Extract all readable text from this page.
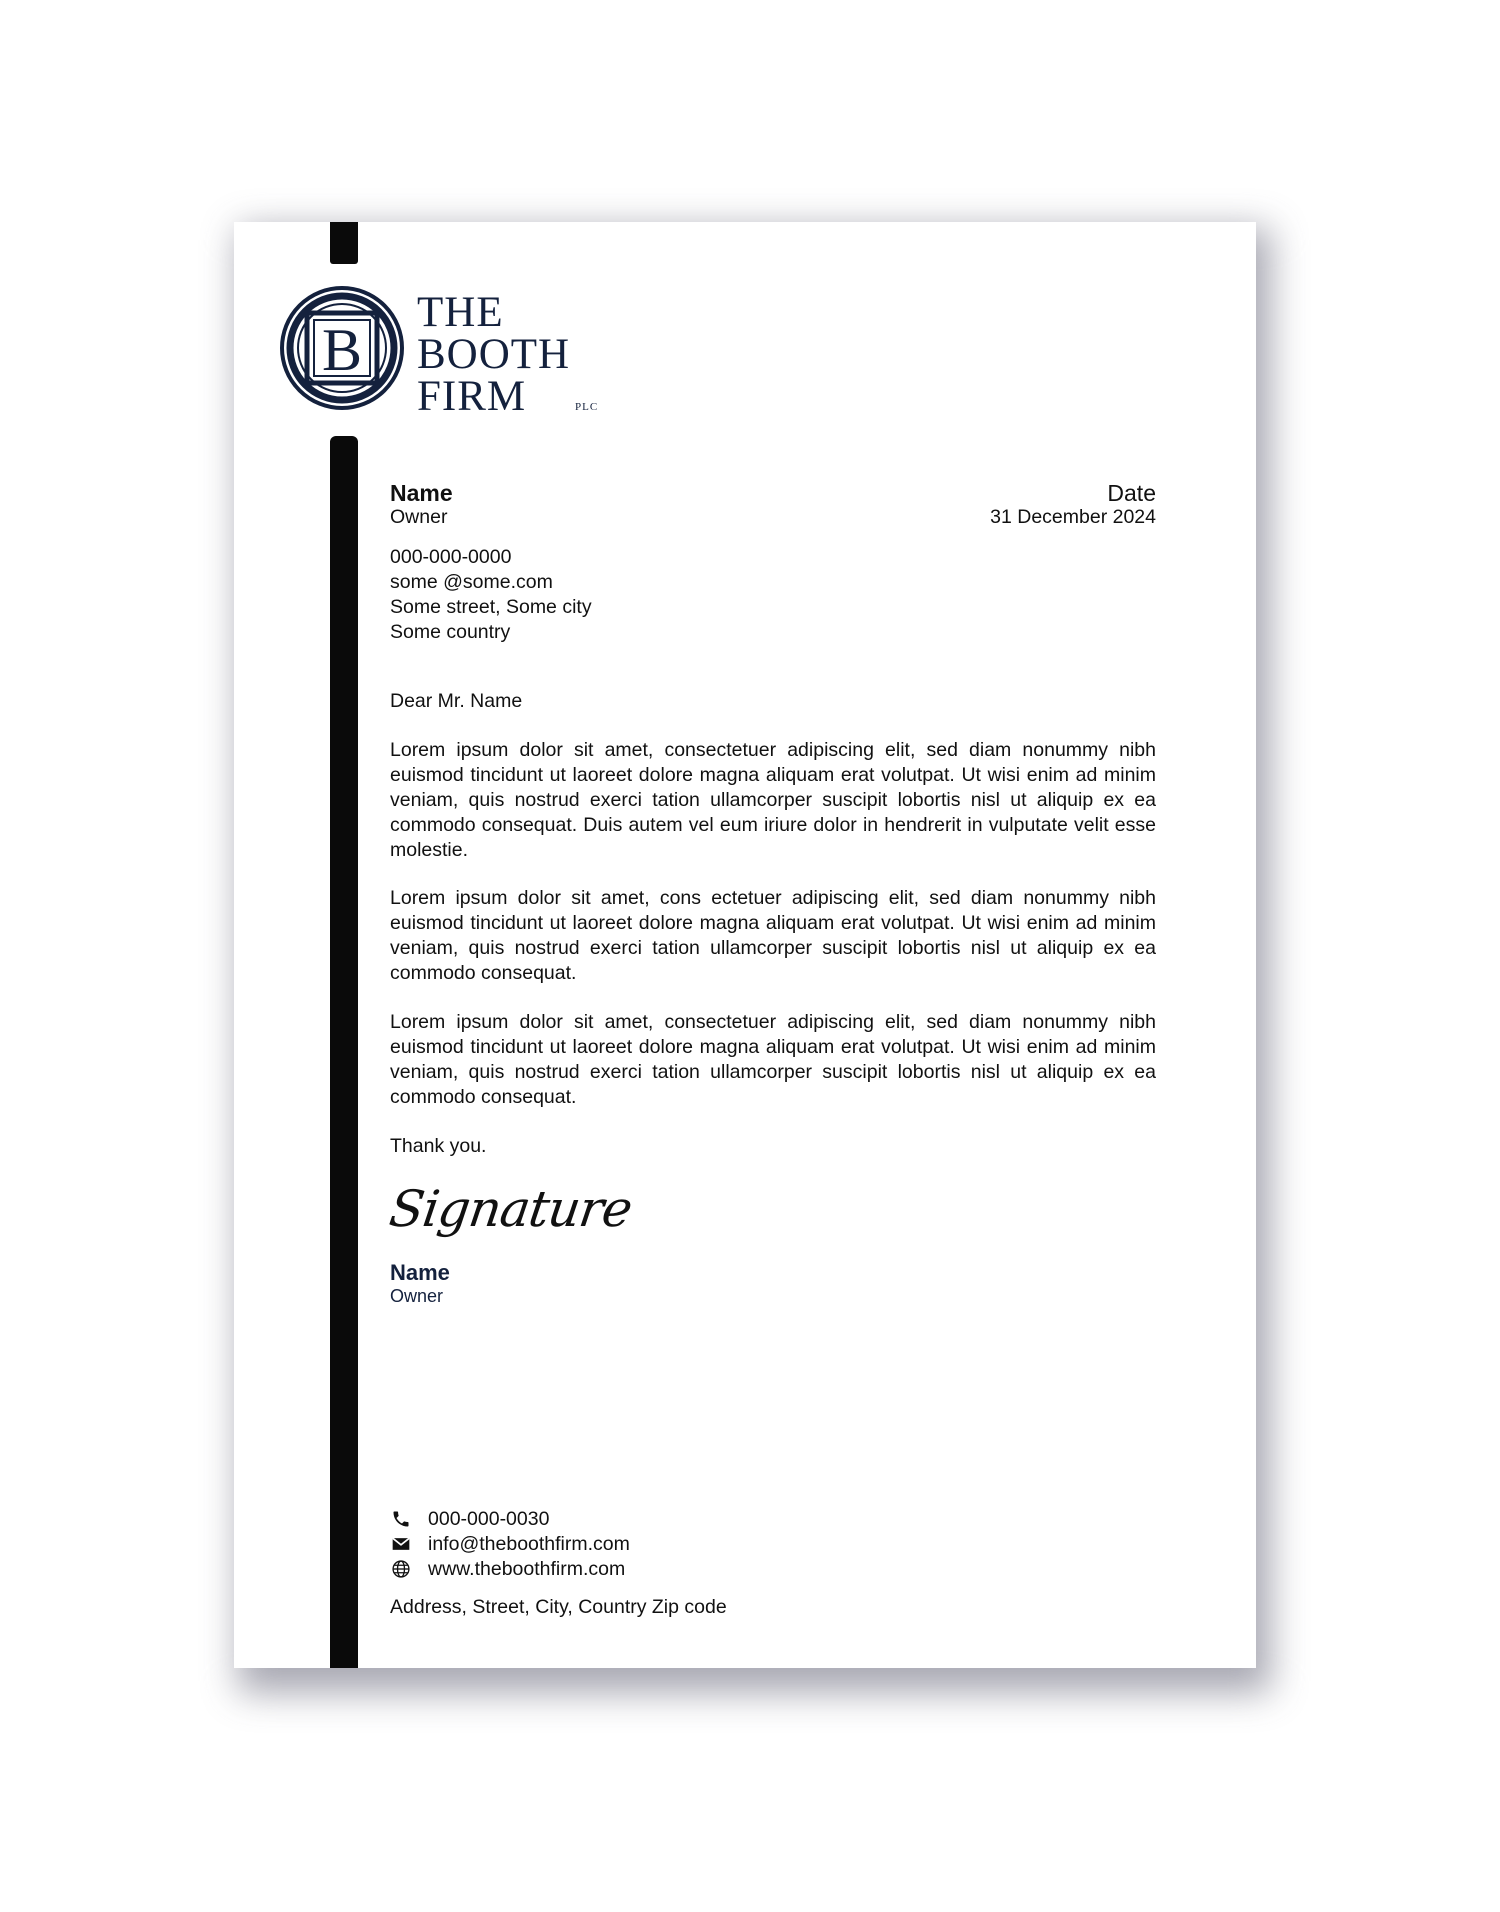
B
THE
BOOTH
FIRM	PLC
Name
Owner
Date
31 December 2024
000-000-0000
some @some.com
Some street, Some city
Some country
Dear Mr. Name
Lorem ipsum dolor sit amet, consectetuer adipiscing elit, sed diam nonummy nibh euismod tincidunt ut laoreet dolore magna aliquam erat volutpat. Ut wisi enim ad minim veniam, quis nostrud exerci tation ullamcorper suscipit lobortis nisl ut aliquip ex ea commodo consequat. Duis autem vel eum iriure dolor in hendrerit in vulputate velit esse molestie.
Lorem ipsum dolor sit amet, cons ectetuer adipiscing elit, sed diam nonummy nibh euismod tincidunt ut laoreet dolore magna aliquam erat volutpat. Ut wisi enim ad minim veniam, quis nostrud exerci tation ullamcorper suscipit lobortis nisl ut aliquip ex ea commodo consequat.
Lorem ipsum dolor sit amet, consectetuer adipiscing elit, sed diam nonummy nibh euismod tincidunt ut laoreet dolore magna aliquam erat volutpat. Ut wisi enim ad minim veniam, quis nostrud exerci tation ullamcorper suscipit lobortis nisl ut aliquip ex ea commodo consequat.
Thank you.
Signature
Name
Owner
000-000-0030
info@theboothfirm.com
www.theboothfirm.com
Address, Street, City, Country Zip code
